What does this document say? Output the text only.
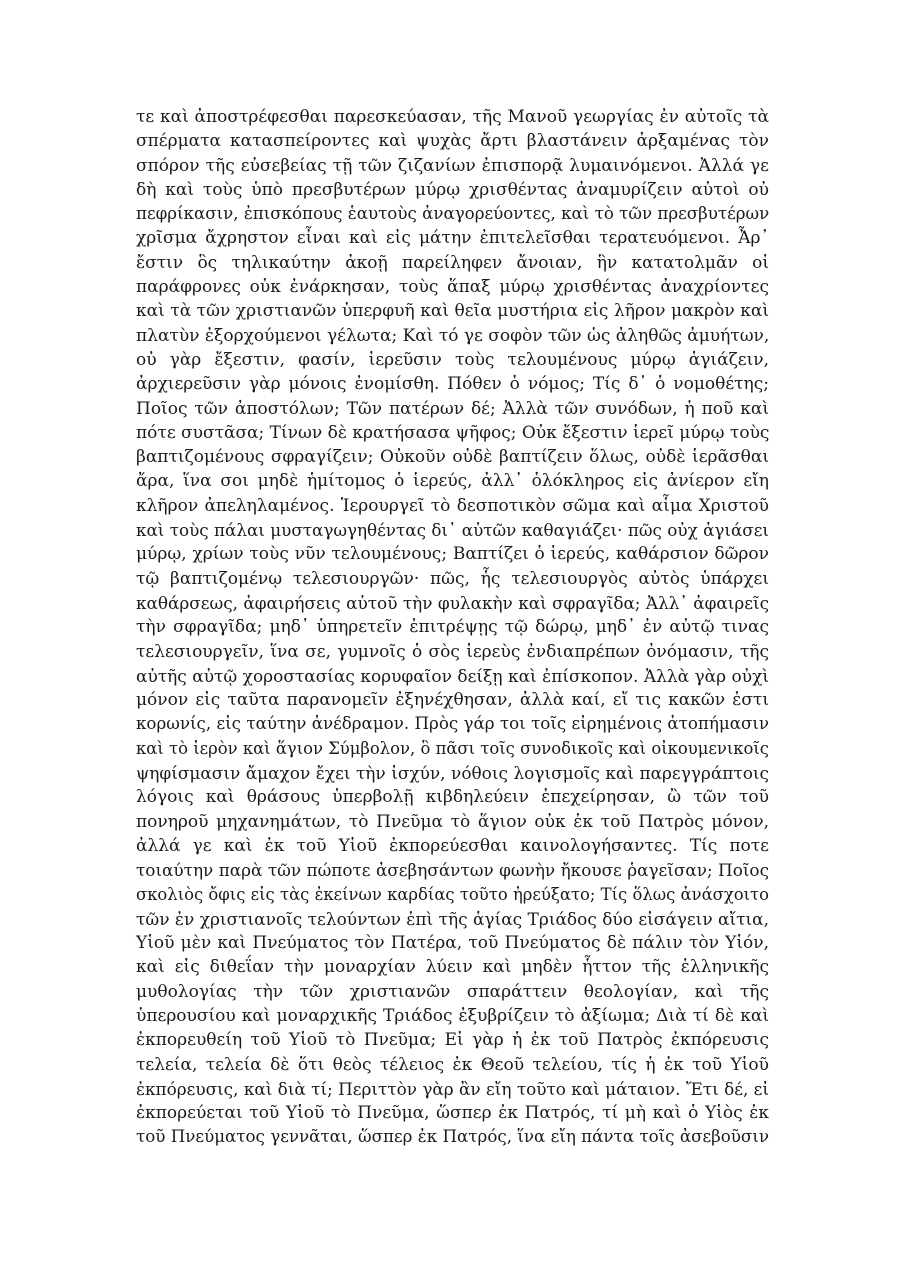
τε καὶ ἀποστρέφεσθαι παρεσκεύασαν, τῆς Μανοῦ γεωργίας ἐν αὐτοῖς τὰ
σπέρματα κατασπείροντες καὶ ψυχὰς ἄρτι βλαστάνειν ἀρξαμένας τὸν
σπόρον τῆς εὐσεβείας τῇ τῶν ζιζανίων ἐπισπορᾷ λυμαινόμενοι. Ἀλλά γε
δὴ καὶ τοὺς ὑπὸ πρεσβυτέρων μύρῳ χρισθέντας ἀναμυρίζειν αὐτοὶ οὐ
πεφρίκασιν, ἐπισκόπους ἑαυτοὺς ἀναγορεύοντες, καὶ τὸ τῶν πρεσβυτέρων
χρῖσμα ἄχρηστον εἶναι καὶ εἰς μάτην ἐπιτελεῖσθαι τερατευόμενοι. Ἆρ᾽
ἔστιν ὃς τηλικαύτην ἀκοῇ παρείληφεν ἄνοιαν, ἣν κατατολμᾶν οἱ
παράφρονες οὐκ ἐνάρκησαν, τοὺς ἅπαξ μύρῳ χρισθέντας ἀναχρίοντες
καὶ τὰ τῶν χριστιανῶν ὑπερφυῆ καὶ θεῖα μυστήρια εἰς λῆρον μακρὸν καὶ
πλατὺν ἐξορχούμενοι γέλωτα; Καὶ τό γε σοφὸν τῶν ὡς ἀληθῶς ἀμυήτων,
οὐ γὰρ ἔξεστιν, φασίν, ἱερεῦσιν τοὺς τελουμένους μύρῳ ἁγιάζειν,
ἀρχιερεῦσιν γὰρ μόνοις ἐνομίσθη. Πόθεν ὁ νόμος; Τίς δ᾽ ὁ νομοθέτης;
Ποῖος τῶν ἀποστόλων; Τῶν πατέρων δέ; Ἀλλὰ τῶν συνόδων, ἡ ποῦ καὶ
πότε συστᾶσα; Τίνων δὲ κρατήσασα ψῆφος; Οὐκ ἔξεστιν ἱερεῖ μύρῳ τοὺς
βαπτιζομένους σφραγίζειν; Οὐκοῦν οὐδὲ βαπτίζειν ὅλως, οὐδὲ ἱερᾶσθαι
ἄρα, ἵνα σοι μηδὲ ἡμίτομος ὁ ἱερεύς, ἀλλ᾽ ὁλόκληρος εἰς ἀνίερον εἴη
κλῆρον ἀπεληλαμένος. Ἱερουργεῖ τὸ δεσποτικὸν σῶμα καὶ αἷμα Χριστοῦ
καὶ τοὺς πάλαι μυσταγωγηθέντας δι᾽ αὐτῶν καθαγιάζει· πῶς οὐχ ἁγιάσει
μύρῳ, χρίων τοὺς νῦν τελουμένους; Βαπτίζει ὁ ἱερεύς, καθάρσιον δῶρον
τῷ βαπτιζομένῳ τελεσιουργῶν· πῶς, ἧς τελεσιουργὸς αὐτὸς ὑπάρχει
καθάρσεως, ἀφαιρήσεις αὐτοῦ τὴν φυλακὴν καὶ σφραγῖδα; Ἀλλ᾽ ἀφαιρεῖς
τὴν σφραγῖδα; μηδ᾽ ὑπηρετεῖν ἐπιτρέψῃς τῷ δώρῳ, μηδ᾽ ἐν αὐτῷ τινας
τελεσιουργεῖν, ἵνα σε, γυμνοῖς ὁ σὸς ἱερεὺς ἐνδιαπρέπων ὀνόμασιν, τῆς
αὐτῆς αὐτῷ χοροστασίας κορυφαῖον δείξῃ καὶ ἐπίσκοπον. Ἀλλὰ γὰρ οὐχὶ
μόνον εἰς ταῦτα παρανομεῖν ἐξηνέχθησαν, ἀλλὰ καί, εἴ τις κακῶν ἐστι
κορωνίς, εἰς ταύτην ἀνέδραμον. Πρὸς γάρ τοι τοῖς εἰρημένοις ἀτοπήμασιν
καὶ τὸ ἱερὸν καὶ ἅγιον Σύμβολον, ὃ πᾶσι τοῖς συνοδικοῖς καὶ οἰκουμενικοῖς
ψηφίσμασιν ἄμαχον ἔχει τὴν ἰσχύν, νόθοις λογισμοῖς καὶ παρεγγράπτοις
λόγοις καὶ θράσους ὑπερβολῇ κιβδηλεύειν ἐπεχείρησαν, ὢ τῶν τοῦ
πονηροῦ μηχανημάτων, τὸ Πνεῦμα τὸ ἅγιον οὐκ ἐκ τοῦ Πατρὸς μόνον,
ἀλλά γε καὶ ἐκ τοῦ Υἱοῦ ἐκπορεύεσθαι καινολογήσαντες. Τίς ποτε
τοιαύτην παρὰ τῶν πώποτε ἀσεβησάντων φωνὴν ἤκουσε ῥαγεῖσαν; Ποῖος
σκολιὸς ὄφις εἰς τὰς ἐκείνων καρδίας τοῦτο ἠρεύξατο; Τίς ὅλως ἀνάσχοιτο
τῶν ἐν χριστιανοῖς τελούντων ἐπὶ τῆς ἁγίας Τριάδος δύο εἰσάγειν αἴτια,
Υἱοῦ μὲν καὶ Πνεύματος τὸν Πατέρα, τοῦ Πνεύματος δὲ πάλιν τὸν Υἱόν,
καὶ εἰς διθεΐαν τὴν μοναρχίαν λύειν καὶ μηδὲν ἧττον τῆς ἑλληνικῆς
μυθολογίας τὴν τῶν χριστιανῶν σπαράττειν θεολογίαν, καὶ τῆς
ὑπερουσίου καὶ μοναρχικῆς Τριάδος ἐξυβρίζειν τὸ ἀξίωμα; Διὰ τί δὲ καὶ
ἐκπορευθείη τοῦ Υἱοῦ τὸ Πνεῦμα; Εἰ γὰρ ἡ ἐκ τοῦ Πατρὸς ἐκπόρευσις
τελεία, τελεία δὲ ὅτι θεὸς τέλειος ἐκ Θεοῦ τελείου, τίς ἡ ἐκ τοῦ Υἱοῦ
ἐκπόρευσις, καὶ διὰ τί; Περιττὸν γὰρ ἂν εἴη τοῦτο καὶ μάταιον. Ἔτι δέ, εἰ
ἐκπορεύεται τοῦ Υἱοῦ τὸ Πνεῦμα, ὥσπερ ἐκ Πατρός, τί μὴ καὶ ὁ Υἱὸς ἐκ
τοῦ Πνεύματος γεννᾶται, ὥσπερ ἐκ Πατρός, ἵνα εἴη πάντα τοῖς ἀσεβοῦσιν
